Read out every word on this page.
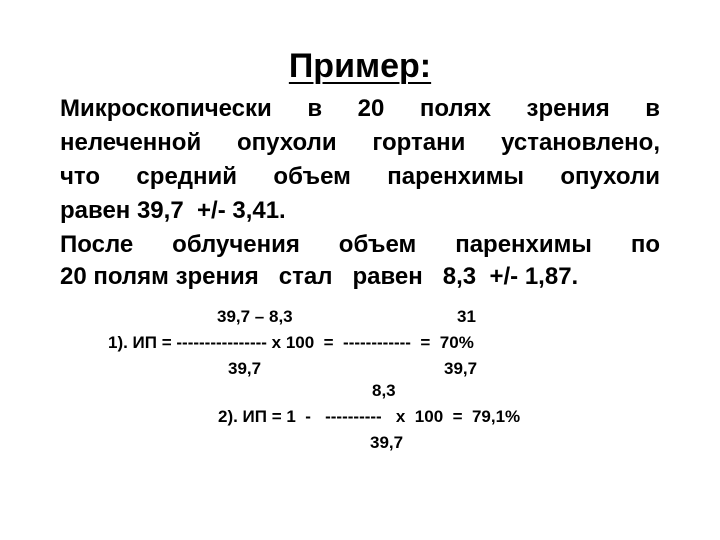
Пример:
Микроскопически в 20 полях зрения в
нелеченной опухоли гортани установлено,
что средний объем паренхимы опухоли
равен 39,7  +/- 3,41.
После облучения объем паренхимы по
20 полям зрения   стал   равен   8,3  +/- 1,87.
39,7 – 8,3	31
1). ИП = ---------------- х 100  =  ------------  =  70%
39,7	39,7
8,3
2). ИП = 1  -   ----------   х  100  =  79,1%
39,7
